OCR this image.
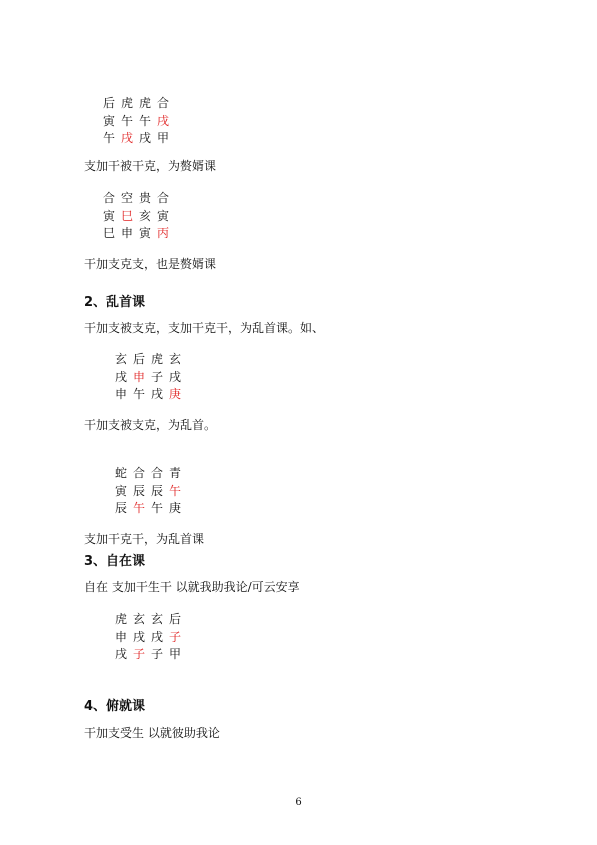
后 虎 虎 合
寅 午 午 戌
午 戌 戌 甲
支加干被干克，为赘婿课
合 空 贵 合
寅 巳 亥 寅
巳 申 寅 丙
干加支克支，也是赘婿课
2、乱首课
干加支被支克，支加干克干，为乱首课。如、
玄 后 虎 玄
戌 申 子 戌
申 午 戌 庚
干加支被支克，为乱首。
蛇 合 合 青
寅 辰 辰 午
辰 午 午 庚
支加干克干，为乱首课
3、自在课
自在 支加干生干 以就我助我论/可云安享
虎 玄 玄 后
申 戌 戌 子
戌 子 子 甲
4、俯就课
干加支受生 以就彼助我论
6
